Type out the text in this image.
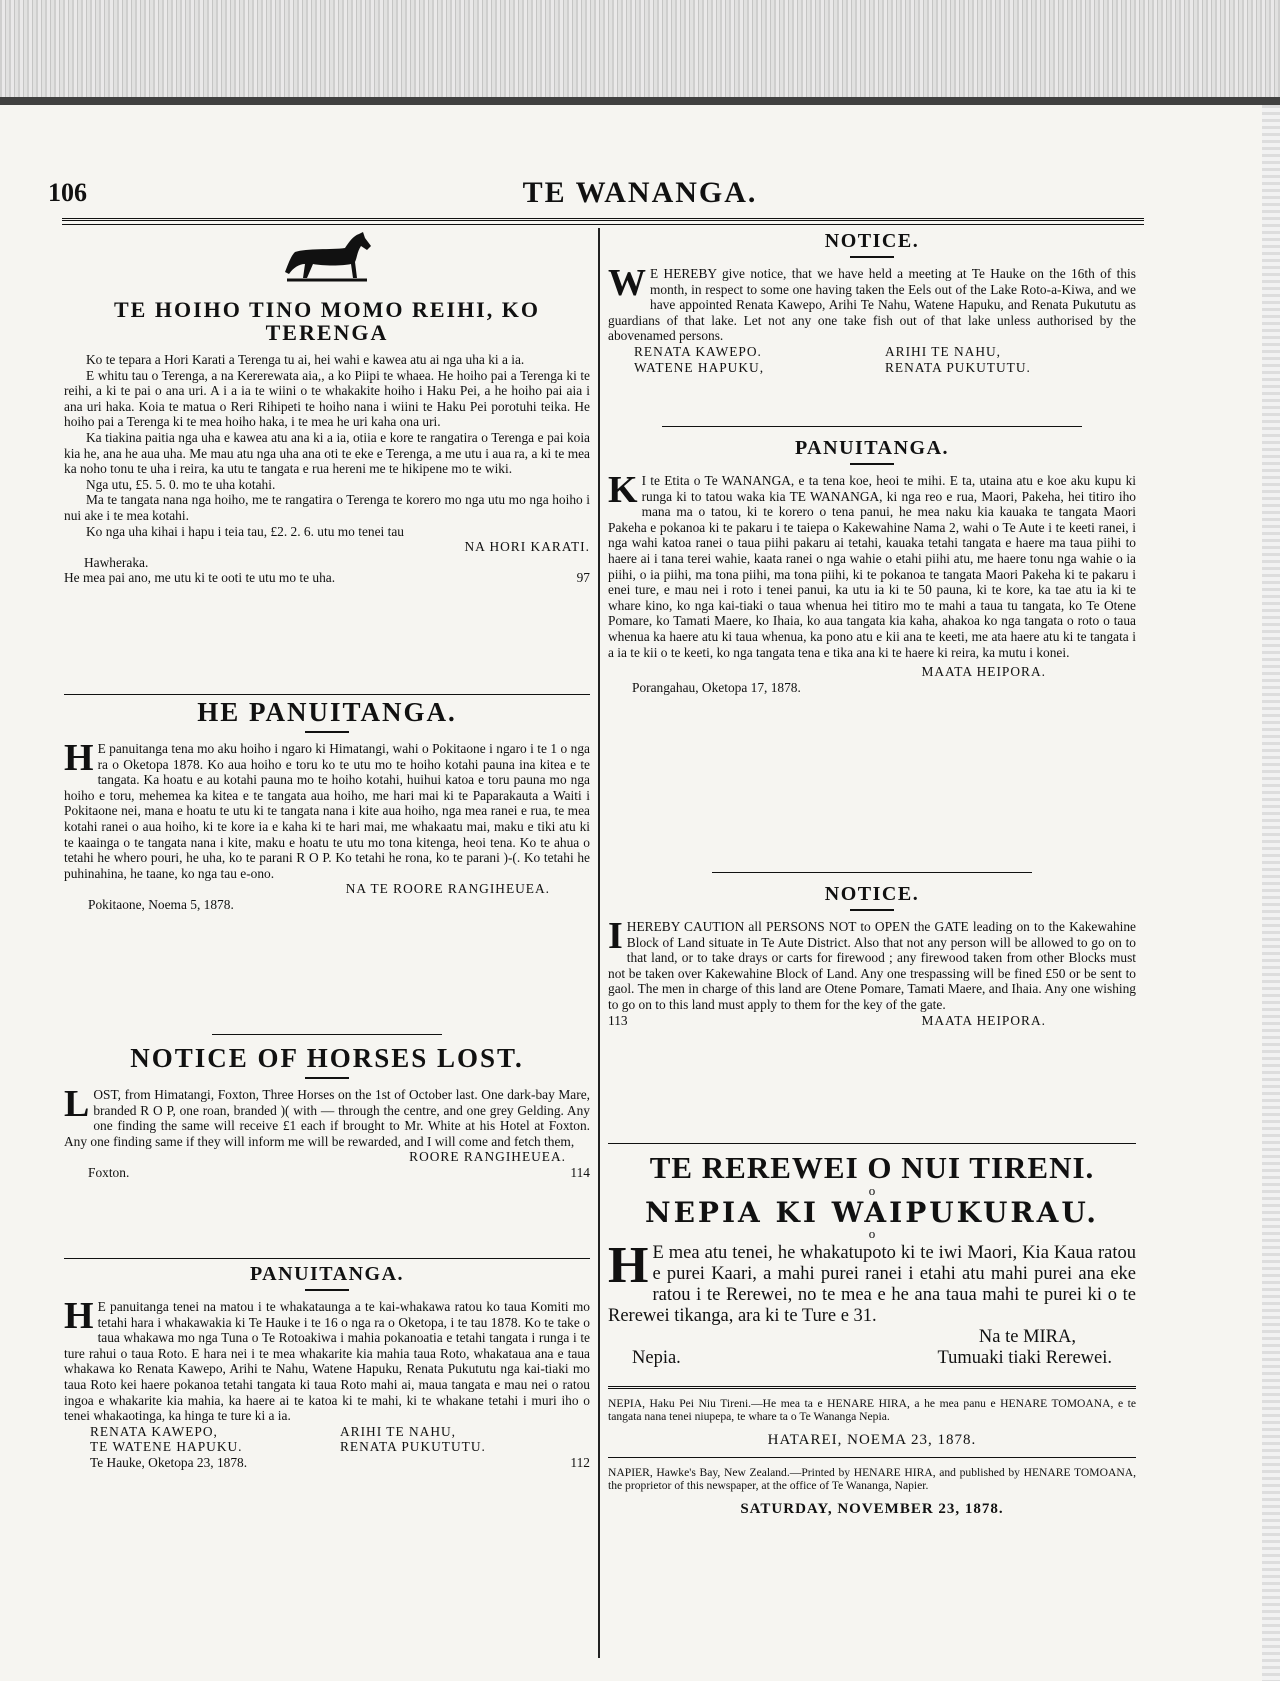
106	TE WANANGA.
TE HOIHO TINO MOMO REIHI, KO TERENGA

Ko te tepara a Hori Karati a Terenga tu ai, hei wahi e kawea atu ai nga uha ki a ia.

E whitu tau o Terenga, a na Kererewata aia,, a ko Piipi te whaea. He hoiho pai a Terenga ki te reihi, a ki te pai o ana uri. A i a ia te wiini o te whakakite hoiho i Haku Pei, a he hoiho pai aia i ana uri haka. Koia te matua o Reri Rihipeti te hoiho nana i wiini te Haku Pei porotuhi teika. He hoiho pai a Terenga ki te mea hoiho haka, i te mea he uri kaha ona uri.

Ka tiakina paitia nga uha e kawea atu ana ki a ia, otiia e kore te rangatira o Terenga e pai koia kia he, ana he aua uha. Me mau atu nga uha ana oti te eke e Terenga, a me utu i aua ra, a ki te mea ka noho tonu te uha i reira, ka utu te tangata e rua hereni me te hikipene mo te wiki.

Nga utu, £5. 5. 0. mo te uha kotahi.

Ma te tangata nana nga hoiho, me te rangatira o Terenga te korero mo nga utu mo nga hoiho i nui ake i te mea kotahi.

Ko nga uha kihai i hapu i teia tau, £2. 2. 6. utu mo tenei tau

NA HORI KARATI.

Hawheraka.

He mea pai ano, me utu ki te ooti te utu mo te uha.	97
HE PANUITANGA.
H E panuitanga tena mo aku hoiho i ngaro ki Himatangi, wahi o Pokitaone i ngaro i te 1 o nga ra o Oketopa 1878. Ko aua hoiho e toru ko te utu mo te hoiho kotahi pauna ina kitea e te tangata. Ka hoatu e au kotahi pauna mo te hoiho kotahi, huihui katoa e toru pauna mo nga hoiho e toru, mehemea ka kitea e te tangata aua hoiho, me hari mai ki te Paparakauta a Waiti i Pokitaone nei, mana e hoatu te utu ki te tangata nana i kite aua hoiho, nga mea ranei e rua, te mea kotahi ranei o aua hoiho, ki te kore ia e kaha ki te hari mai, me whakaatu mai, maku e tiki atu ki te kaainga o te tangata nana i kite, maku e hoatu te utu mo tona kitenga, heoi tena. Ko te ahua o tetahi he whero pouri, he uha, ko te parani R O P. Ko tetahi he rona, ko te parani )-(. Ko tetahi he puhinahina, he taane, ko nga tau e-ono.

NA TE ROORE RANGIHEUEA.

Pokitaone, Noema 5, 1878.

NOTICE OF HORSES LOST.
L OST, from Himatangi, Foxton, Three Horses on the 1st of October last. One dark-bay Mare, branded R O P, one roan, branded )( with — through the centre, and one grey Gelding. Any one finding the same will receive £1 each if brought to Mr. White at his Hotel at Foxton. Any one finding same if they will inform me will be rewarded, and I will come and fetch them,

ROORE RANGIHEUEA.
Foxton.	114
PANUITANGA.
H E panuitanga tenei na matou i te whakataunga a te kai-whakawa ratou ko taua Komiti mo tetahi hara i whakawakia ki Te Hauke i te 16 o nga ra o Oketopa, i te tau 1878. Ko te take o taua whakawa mo nga Tuna o Te Rotoakiwa i mahia pokanoatia e tetahi tangata i runga i te ture rahui o taua Roto. E hara nei i te mea whakarite kia mahia taua Roto, whakataua ana e taua whakawa ko Renata Kawepo, Arihi te Nahu, Watene Hapuku, Renata Pukututu nga kai-tiaki mo taua Roto kei haere pokanoa tetahi tangata ki taua Roto mahi ai, maua tangata e mau nei o ratou ingoa e whakarite kia mahia, ka haere ai te katoa ki te mahi, ki te whakane tetahi i muri iho o tenei whakaotinga, ka hinga te ture ki a ia.

RENATA KAWEPO,	ARIHI TE NAHU,
TE WATENE HAPUKU.	RENATA PUKUTUTU.
Te Hauke, Oketopa 23, 1878.	112
NOTICE.
W E HEREBY give notice, that we have held a meeting at Te Hauke on the 16th of this month, in respect to some one having taken the Eels out of the Lake Roto-a-Kiwa, and we have appointed Renata Kawepo, Arihi Te Nahu, Watene Hapuku, and Renata Pukututu as guardians of that lake. Let not any one take fish out of that lake unless authorised by the abovenamed persons.

RENATA KAWEPO.	ARIHI TE NAHU,
WATENE HAPUKU,	RENATA PUKUTUTU.
PANUITANGA.
K I te Etita o Te WANANGA, e ta tena koe, heoi te mihi. E ta, utaina atu e koe aku kupu ki runga ki to tatou waka kia TE WANANGA, ki nga reo e rua, Maori, Pakeha, hei titiro iho mana ma o tatou, ki te korero o tena panui, he mea naku kia kauaka te tangata Maori Pakeha e pokanoa ki te pakaru i te taiepa o Kakewahine Nama 2, wahi o Te Aute i te keeti ranei, i nga wahi katoa ranei o taua piihi pakaru ai tetahi, kauaka tetahi tangata e haere ma taua piihi to haere ai i tana terei wahie, kaata ranei o nga wahie o etahi piihi atu, me haere tonu nga wahie o ia piihi, o ia piihi, ma tona piihi, ma tona piihi, ki te pokanoa te tangata Maori Pakeha ki te pakaru i enei ture, e mau nei i roto i tenei panui, ka utu ia ki te 50 pauna, ki te kore, ka tae atu ia ki te whare kino, ko nga kai-tiaki o taua whenua hei titiro mo te mahi a taua tu tangata, ko Te Otene Pomare, ko Tamati Maere, ko Ihaia, ko aua tangata kia kaha, ahakoa ko nga tangata o roto o taua whenua ka haere atu ki taua whenua, ka pono atu e kii ana te keeti, me ata haere atu ki te tangata i a ia te kii o te keeti, ko nga tangata tena e tika ana ki te haere ki reira, ka mutu i konei.

MAATA HEIPORA.

Porangahau, Oketopa 17, 1878.

NOTICE.
I HEREBY CAUTION all PERSONS NOT to OPEN the GATE leading on to the Kakewahine Block of Land situate in Te Aute District. Also that not any person will be allowed to go on to that land, or to take drays or carts for firewood ; any firewood taken from other Blocks must not be taken over Kakewahine Block of Land. Any one trespassing will be fined £50 or be sent to gaol. The men in charge of this land are Otene Pomare, Tamati Maere, and Ihaia. Any one wishing to go on to this land must apply to them for the key of the gate.

113	MAATA HEIPORA.
TE REREWEI O NUI TIRENI.
o
NEPIA KI WAIPUKURAU.
o
H E mea atu tenei, he whakatupoto ki te iwi Maori, Kia Kaua ratou e purei Kaari, a mahi purei ranei i etahi atu mahi purei ana eke ratou i te Rerewei, no te mea e he ana taua mahi te purei ki o te Rerewei tikanga, ara ki te Ture e 31.

Na te MIRA,
Nepia.	Tumuaki tiaki Rerewei.

NEPIA, Haku Pei Niu Tireni.—He mea ta e HENARE HIRA, a he mea panu e HENARE TOMOANA, e te tangata nana tenei niupepa, te whare ta o Te Wananga Nepia.

HATAREI, NOEMA 23, 1878.

NAPIER, Hawke's Bay, New Zealand.—Printed by HENARE HIRA, and published by HENARE TOMOANA, the proprietor of this newspaper, at the office of Te Wananga, Napier.

SATURDAY, NOVEMBER 23, 1878.
